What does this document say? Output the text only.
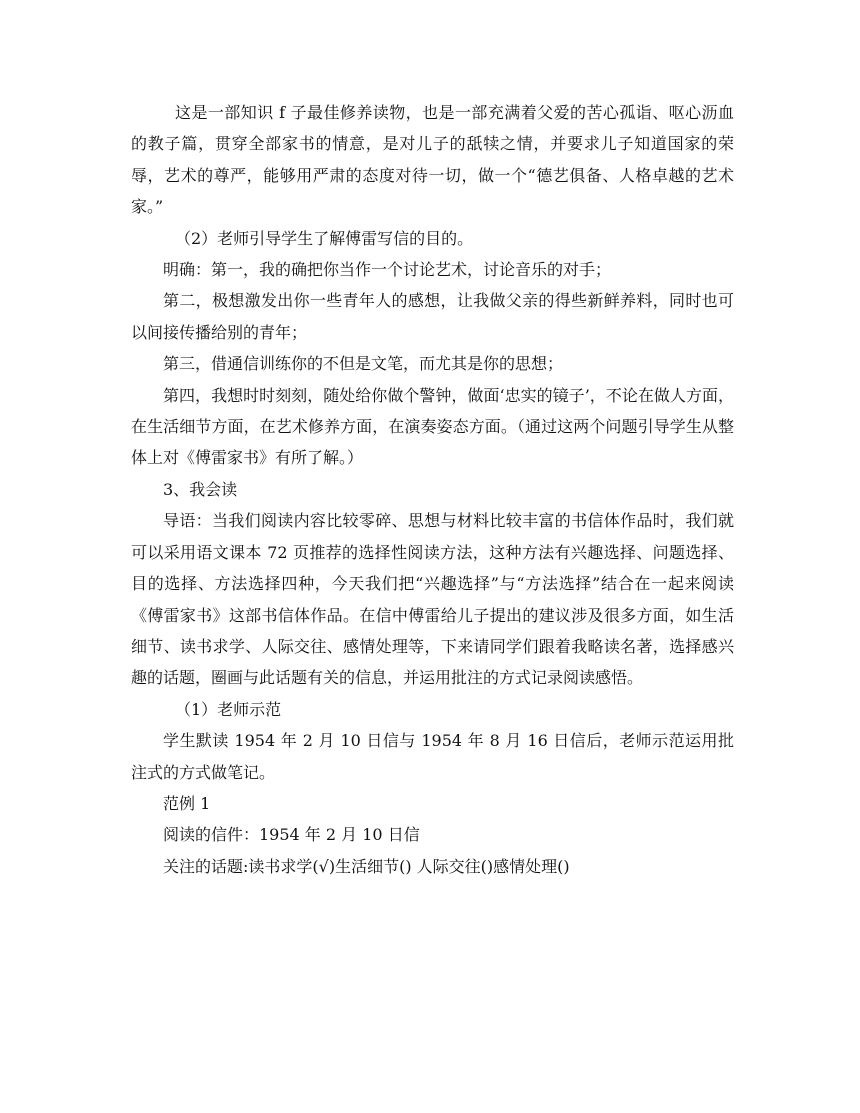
这是一部知识 f 子最佳修养读物，也是一部充满着父爱的苦心孤诣、呕心沥血的教子篇，贯穿全部家书的情意，是对儿子的舐犊之情，并要求儿子知道国家的荣辱，艺术的尊严，能够用严肃的态度对待一切，做一个“德艺俱备、人格卓越的艺术家。”

（2）老师引导学生了解傅雷写信的目的。

明确：第一，我的确把你当作一个讨论艺术，讨论音乐的对手；

第二，极想激发出你一些青年人的感想，让我做父亲的得些新鲜养料，同时也可以间接传播给别的青年；

第三，借通信训练你的不但是文笔，而尤其是你的思想；

第四，我想时时刻刻，随处给你做个警钟，做面‘忠实的镜子’，不论在做人方面，在生活细节方面，在艺术修养方面，在演奏姿态方面。（通过这两个问题引导学生从整体上对《傅雷家书》有所了解。）

3、我会读

导语：当我们阅读内容比较零碎、思想与材料比较丰富的书信体作品时，我们就可以采用语文课本 72 页推荐的选择性阅读方法，这种方法有兴趣选择、问题选择、目的选择、方法选择四种，今天我们把“兴趣选择”与“方法选择”结合在一起来阅读《傅雷家书》这部书信体作品。在信中傅雷给儿子提出的建议涉及很多方面，如生活细节、读书求学、人际交往、感情处理等，下来请同学们跟着我略读名著，选择感兴趣的话题，圈画与此话题有关的信息，并运用批注的方式记录阅读感悟。

（1）老师示范

学生默读 1954 年 2 月 10 日信与 1954 年 8 月 16 日信后，老师示范运用批注式的方式做笔记。

范例 1

阅读的信件：1954 年 2 月 10 日信

关注的话题:读书求学(√)生活细节() 人际交往()感情处理()
